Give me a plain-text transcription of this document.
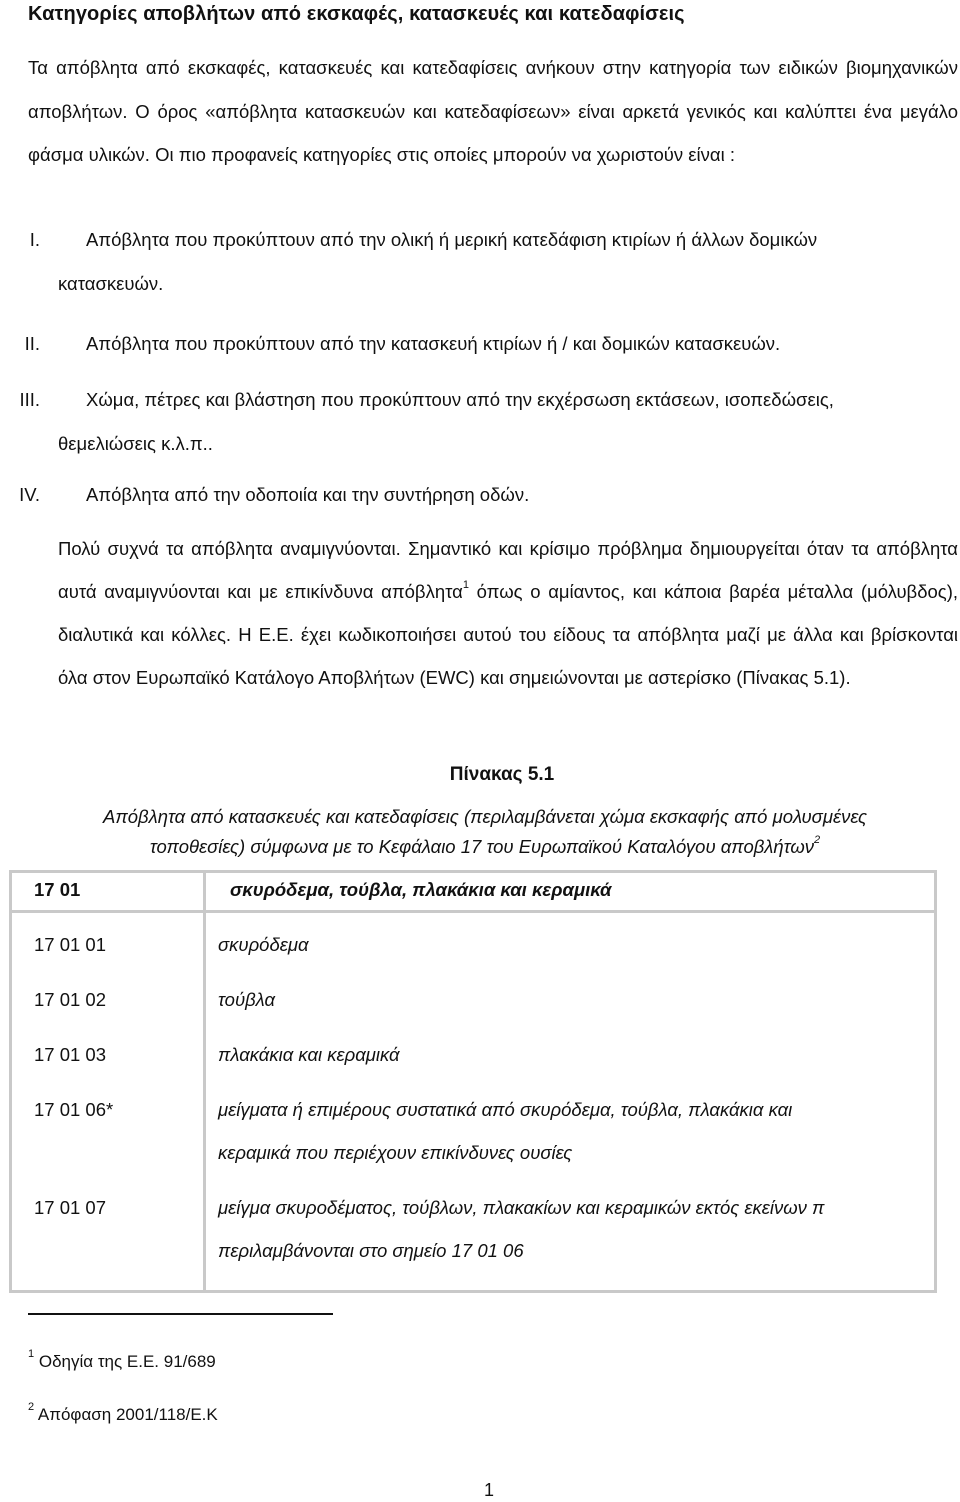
Κατηγορίες αποβλήτων από εκσκαφές, κατασκευές και κατεδαφίσεις
Τα απόβλητα από εκσκαφές, κατασκευές και κατεδαφίσεις ανήκουν στην κατηγορία των ειδικών βιομηχανικών αποβλήτων. Ο όρος «απόβλητα κατασκευών και κατεδαφίσεων» είναι αρκετά γενικός και καλύπτει ένα μεγάλο φάσμα υλικών. Οι πιο προφανείς κατηγορίες στις οποίες μπορούν να χωριστούν είναι :
I. Απόβλητα που προκύπτουν από την ολική ή μερική κατεδάφιση κτιρίων ή άλλων δομικών
κατασκευών.
II. Απόβλητα που προκύπτουν από την κατασκευή κτιρίων ή / και δομικών κατασκευών.
III. Χώμα, πέτρες και βλάστηση που προκύπτουν από την εκχέρσωση εκτάσεων, ισοπεδώσεις,
θεμελιώσεις κ.λ.π..
IV. Απόβλητα από την οδοποιία και την συντήρηση οδών.
Πολύ συχνά τα απόβλητα αναμιγνύονται. Σημαντικό και κρίσιμο πρόβλημα δημιουργείται όταν τα απόβλητα αυτά αναμιγνύονται και με επικίνδυνα απόβλητα$^1$ όπως ο αμίαντος, και κάποια βαρέα μέταλλα (μόλυβδος), διαλυτικά και κόλλες. Η Ε.Ε. έχει κωδικοποιήσει αυτού του είδους τα απόβλητα μαζί με άλλα και βρίσκονται όλα στον Ευρωπαϊκό Κατάλογο Αποβλήτων (EWC) και σημειώνονται με αστερίσκο (Πίνακας 5.1).
Πίνακας 5.1
Απόβλητα από κατασκευές και κατεδαφίσεις (περιλαμβάνεται χώμα εκσκαφής από μολυσμένες
τοποθεσίες) σύμφωνα με το Κεφάλαιο 17 του Ευρωπαϊκού Καταλόγου αποβλήτων$^2$
17 01	σκυρόδεμα, τούβλα, πλακάκια και κεραμικά
17 01 01	σκυρόδεμα
17 01 02	τούβλα
17 01 03	πλακάκια και κεραμικά
17 01 06*	μείγματα ή επιμέρους συστατικά από σκυρόδεμα, τούβλα, πλακάκια και
κεραμικά που περιέχουν επικίνδυνες ουσίες
17 01 07	μείγμα σκυροδέματος, τούβλων, πλακακίων και κεραμικών εκτός εκείνων π
περιλαμβάνονται στο σημείο 17 01 06
$^1$ Οδηγία της Ε.Ε. 91/689
$^2$ Απόφαση 2001/118/Ε.Κ
1
